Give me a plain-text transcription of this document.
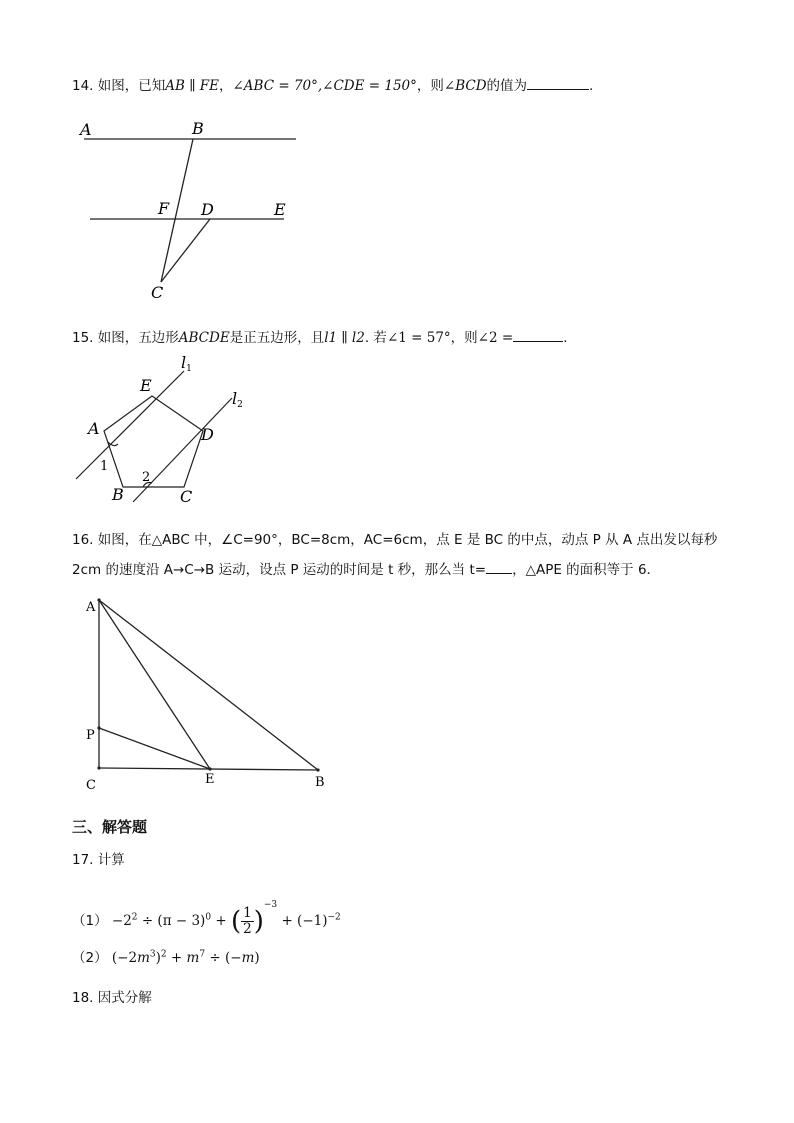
14. 如图，已知AB ∥ FE，∠ABC = 70°,∠CDE = 150°，则∠BCD的值为	.
A	B
F D	E
C
15. 如图，五边形ABCDE是正五边形，且l1 ∥ l2. 若∠1 = 57°，则∠2 =	.
E
A	D
B	C
1
2
l1
l2
16. 如图，在△ABC 中，∠C=90°，BC=8cm，AC=6cm，点 E 是 BC 的中点，动点 P 从 A 点出发以每秒
2cm 的速度沿 A→C→B 运动，设点 P 运动的时间是 t 秒，那么当 t= ，△APE 的面积等于 6．
A
P
C	E	B
三、解答题
17. 计算
$(1) -2^2 \div (\pi - 3)^0$ + ( $\frac{1}{2} )^{-3} + (-1)^{-2}$
（2） $(-2m^3)^2 + m^7 \div (-m)$
18. 因式分解
